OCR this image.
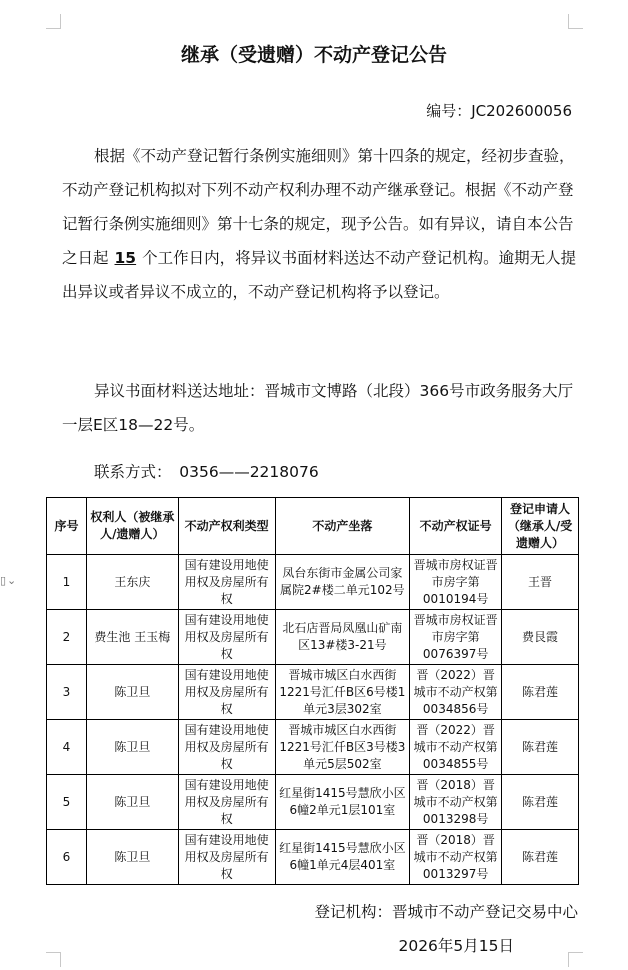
▯⌄
继承（受遗赠）不动产登记公告
编号：JC202600056
根据《不动产登记暂行条例实施细则》第十四条的规定，经初步查验，不动产登记机构拟对下列不动产权利办理不动产继承登记。根据《不动产登记暂行条例实施细则》第十七条的规定，现予公告。如有异议，请自本公告之日起 15 个工作日内，将异议书面材料送达不动产登记机构。逾期无人提出异议或者异议不成立的，不动产登记机构将予以登记。
异议书面材料送达地址：晋城市文博路（北段）366号市政务服务大厅一层E区18—22号。
联系方式：　0356——2218076
序号	权利人（被继承人/遗赠人）	不动产权利类型	不动产坐落	不动产权证号	登记申请人（继承人/受遗赠人）
1	王东庆	国有建设用地使用权及房屋所有权	凤台东街市金属公司家属院2#楼二单元102号	晋城市房权证晋市房字第0010194号	王晋
2	费生池 王玉梅	国有建设用地使用权及房屋所有权	北石店晋局凤凰山矿南区13#楼3-21号	晋城市房权证晋市房字第0076397号	费艮霞
3	陈卫旦	国有建设用地使用权及房屋所有权	晋城市城区白水西街1221号汇仟B区6号楼1单元3层302室	晋（2022）晋城市不动产权第0034856号	陈君莲
4	陈卫旦	国有建设用地使用权及房屋所有权	晋城市城区白水西街1221号汇仟B区3号楼3单元5层502室	晋（2022）晋城市不动产权第0034855号	陈君莲
5	陈卫旦	国有建设用地使用权及房屋所有权	红星街1415号慧欣小区6幢2单元1层101室	晋（2018）晋城市不动产权第0013298号	陈君莲
6	陈卫旦	国有建设用地使用权及房屋所有权	红星街1415号慧欣小区6幢1单元4层401室	晋（2018）晋城市不动产权第0013297号	陈君莲
登记机构：晋城市不动产登记交易中心
2026年5月15日
